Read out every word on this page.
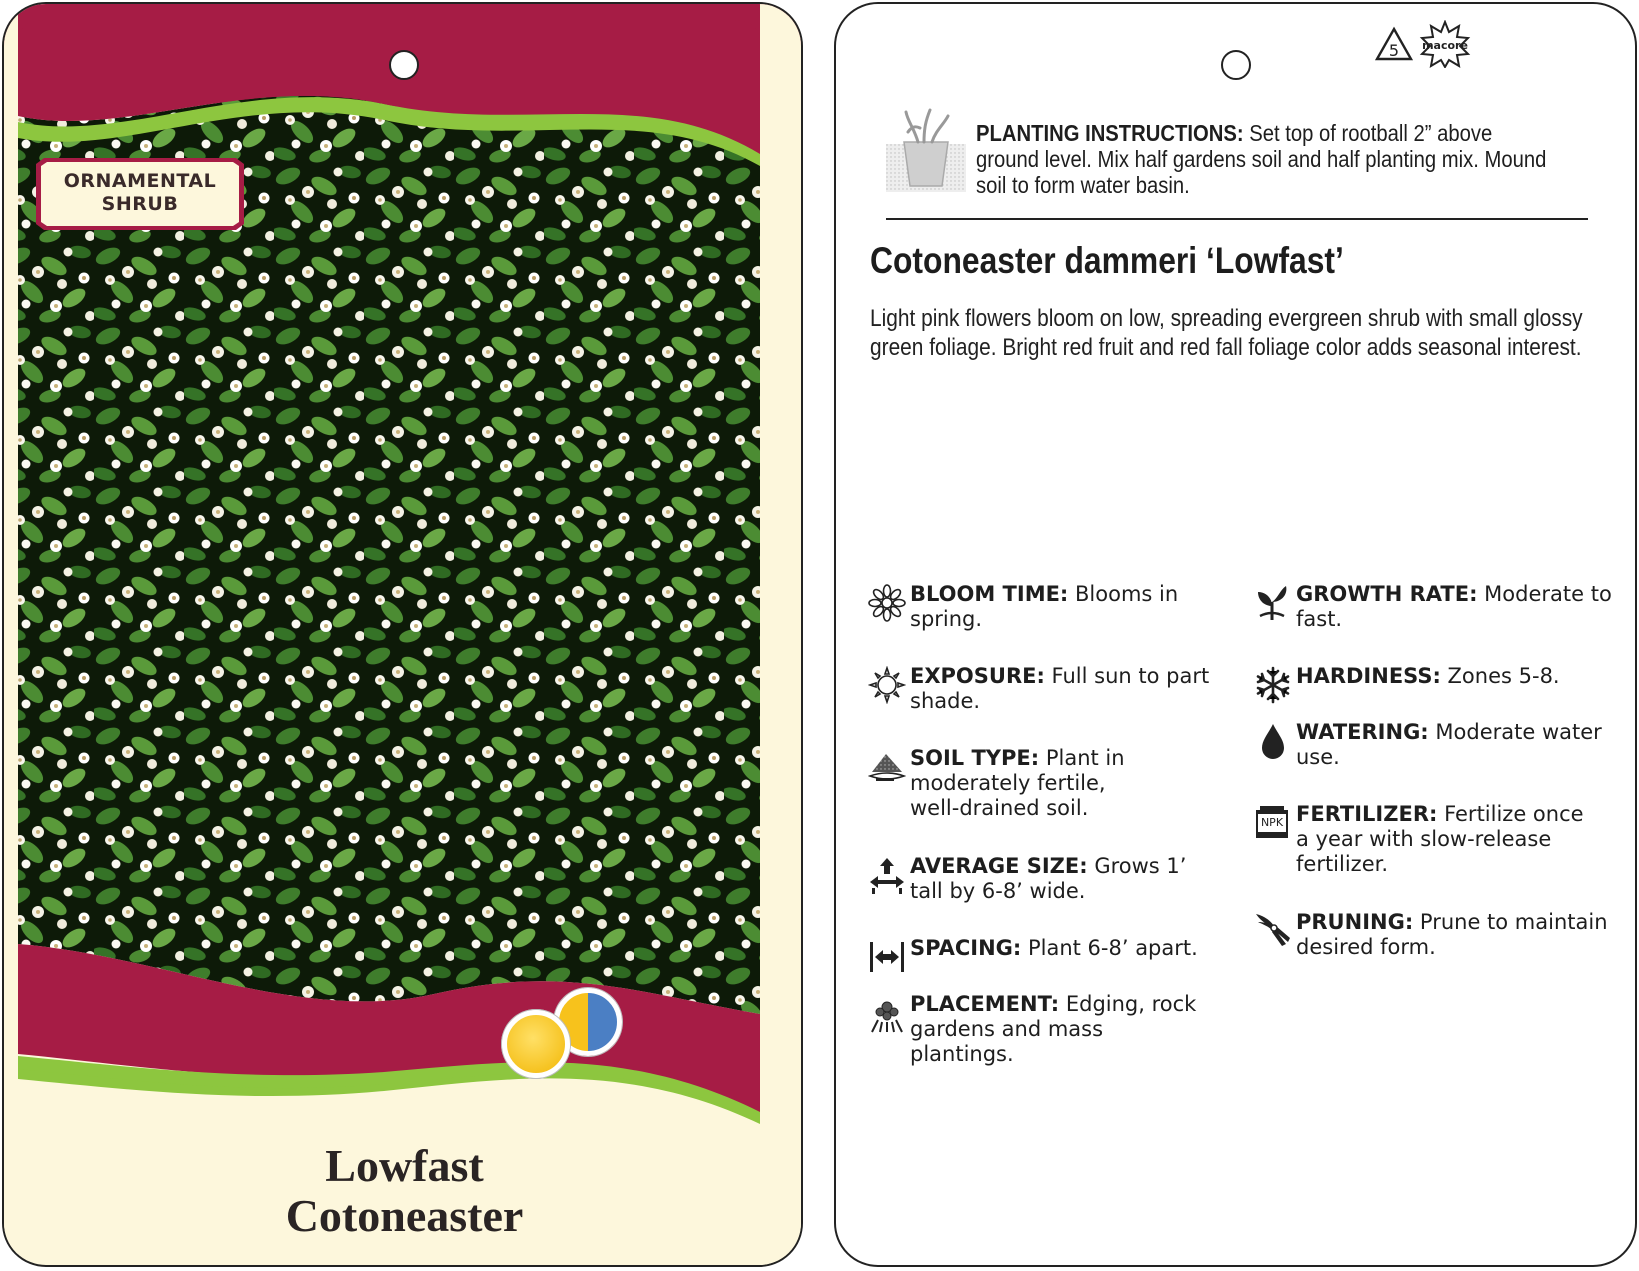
ORNAMENTAL SHRUB
Lowfast
Cotoneaster
5 macore
PLANTING INSTRUCTIONS: Set top of rootball 2” above ground level. Mix half gardens soil and half planting mix. Mound soil to form water basin.
Cotoneaster dammeri ‘Lowfast’
Light pink flowers bloom on low, spreading evergreen shrub with small glossy green foliage. Bright red fruit and red fall foliage color adds seasonal interest.
BLOOM TIME: Blooms in spring.
EXPOSURE: Full sun to part shade.
SOIL TYPE: Plant in moderately fertile, well-drained soil.
AVERAGE SIZE: Grows 1’ tall by 6-8’ wide.
SPACING: Plant 6-8’ apart.
PLACEMENT: Edging, rock gardens and mass plantings.
GROWTH RATE: Moderate to fast.
HARDINESS: Zones 5-8.
WATERING: Moderate water use.
NPK FERTILIZER: Fertilize once a year with slow-release fertilizer.
PRUNING: Prune to maintain desired form.
